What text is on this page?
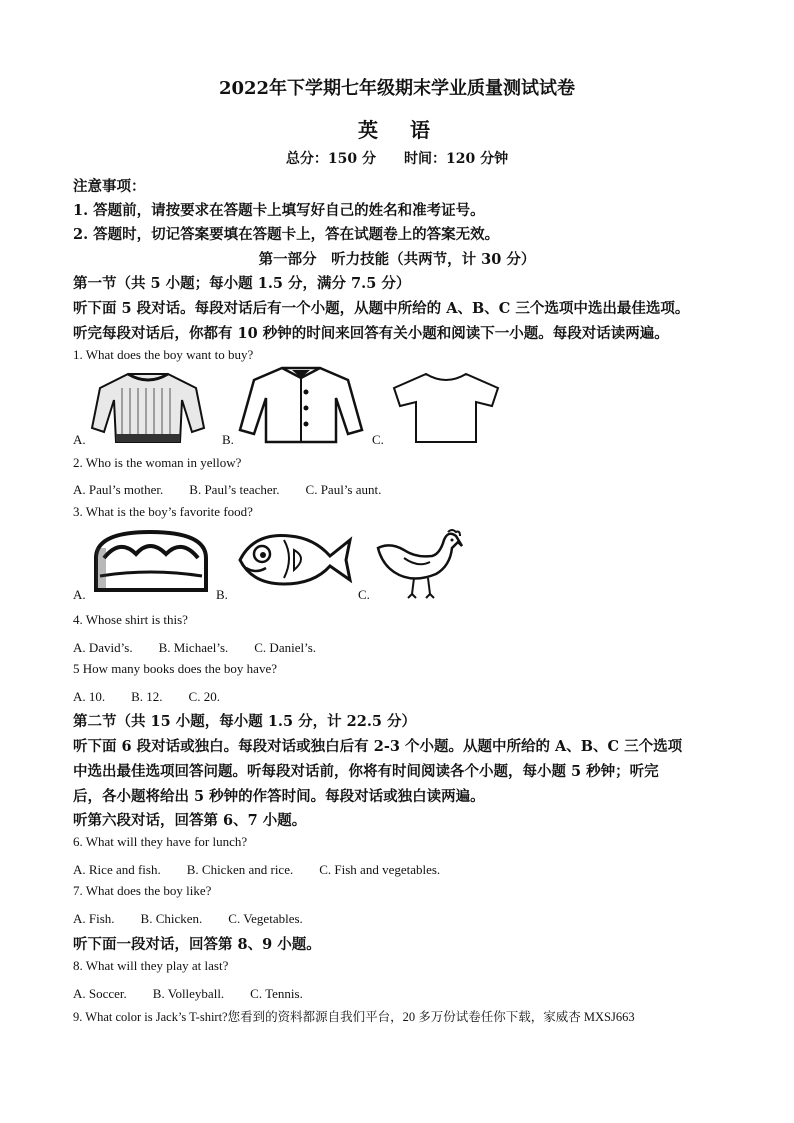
2022年下学期七年级期末学业质量测试试卷
英　语
总分：150 分　　时间：120 分钟
注意事项：
1. 答题前，请按要求在答题卡上填写好自己的姓名和准考证号。
2. 答题时，切记答案要填在答题卡上，答在试题卷上的答案无效。
第一部分　听力技能（共两节，计 30 分）
第一节（共 5 小题；每小题 1.5 分，满分 7.5 分）
听下面 5 段对话。每段对话后有一个小题，从题中所给的 A、B、C 三个选项中选出最佳选项。
听完每段对话后，你都有 10 秒钟的时间来回答有关小题和阅读下一小题。每段对话读两遍。
1. What does the boy want to buy?
A.	B.	C.
2. Who is the woman in yellow?
A. Paul’s mother.　　B. Paul’s teacher.　　C. Paul’s aunt.
3. What is the boy’s favorite food?
A.	B.	C.
4. Whose shirt is this?
A. David’s.　　B. Michael’s.　　C. Daniel’s.
5 How many books does the boy have?
A. 10.　　B. 12.　　C. 20.
第二节（共 15 小题，每小题 1.5 分，计 22.5 分）
听下面 6 段对话或独白。每段对话或独白后有 2-3 个小题。从题中所给的 A、B、C 三个选项
中选出最佳选项回答问题。听每段对话前，你将有时间阅读各个小题，每小题 5 秒钟；听完
后，各小题将给出 5 秒钟的作答时间。每段对话或独白读两遍。
听第六段对话，回答第 6、7 小题。
6. What will they have for lunch?
A. Rice and fish.　　B. Chicken and rice.　　C. Fish and vegetables.
7. What does the boy like?
A. Fish.　　B. Chicken.　　C. Vegetables.
听下面一段对话，回答第 8、9 小题。
8. What will they play at last?
A. Soccer.　　B. Volleyball.　　C. Tennis.
9. What color is Jack’s T-shirt?您看到的资料都源自我们平台，20 多万份试卷任你下载，家威杏 MXSJ663
